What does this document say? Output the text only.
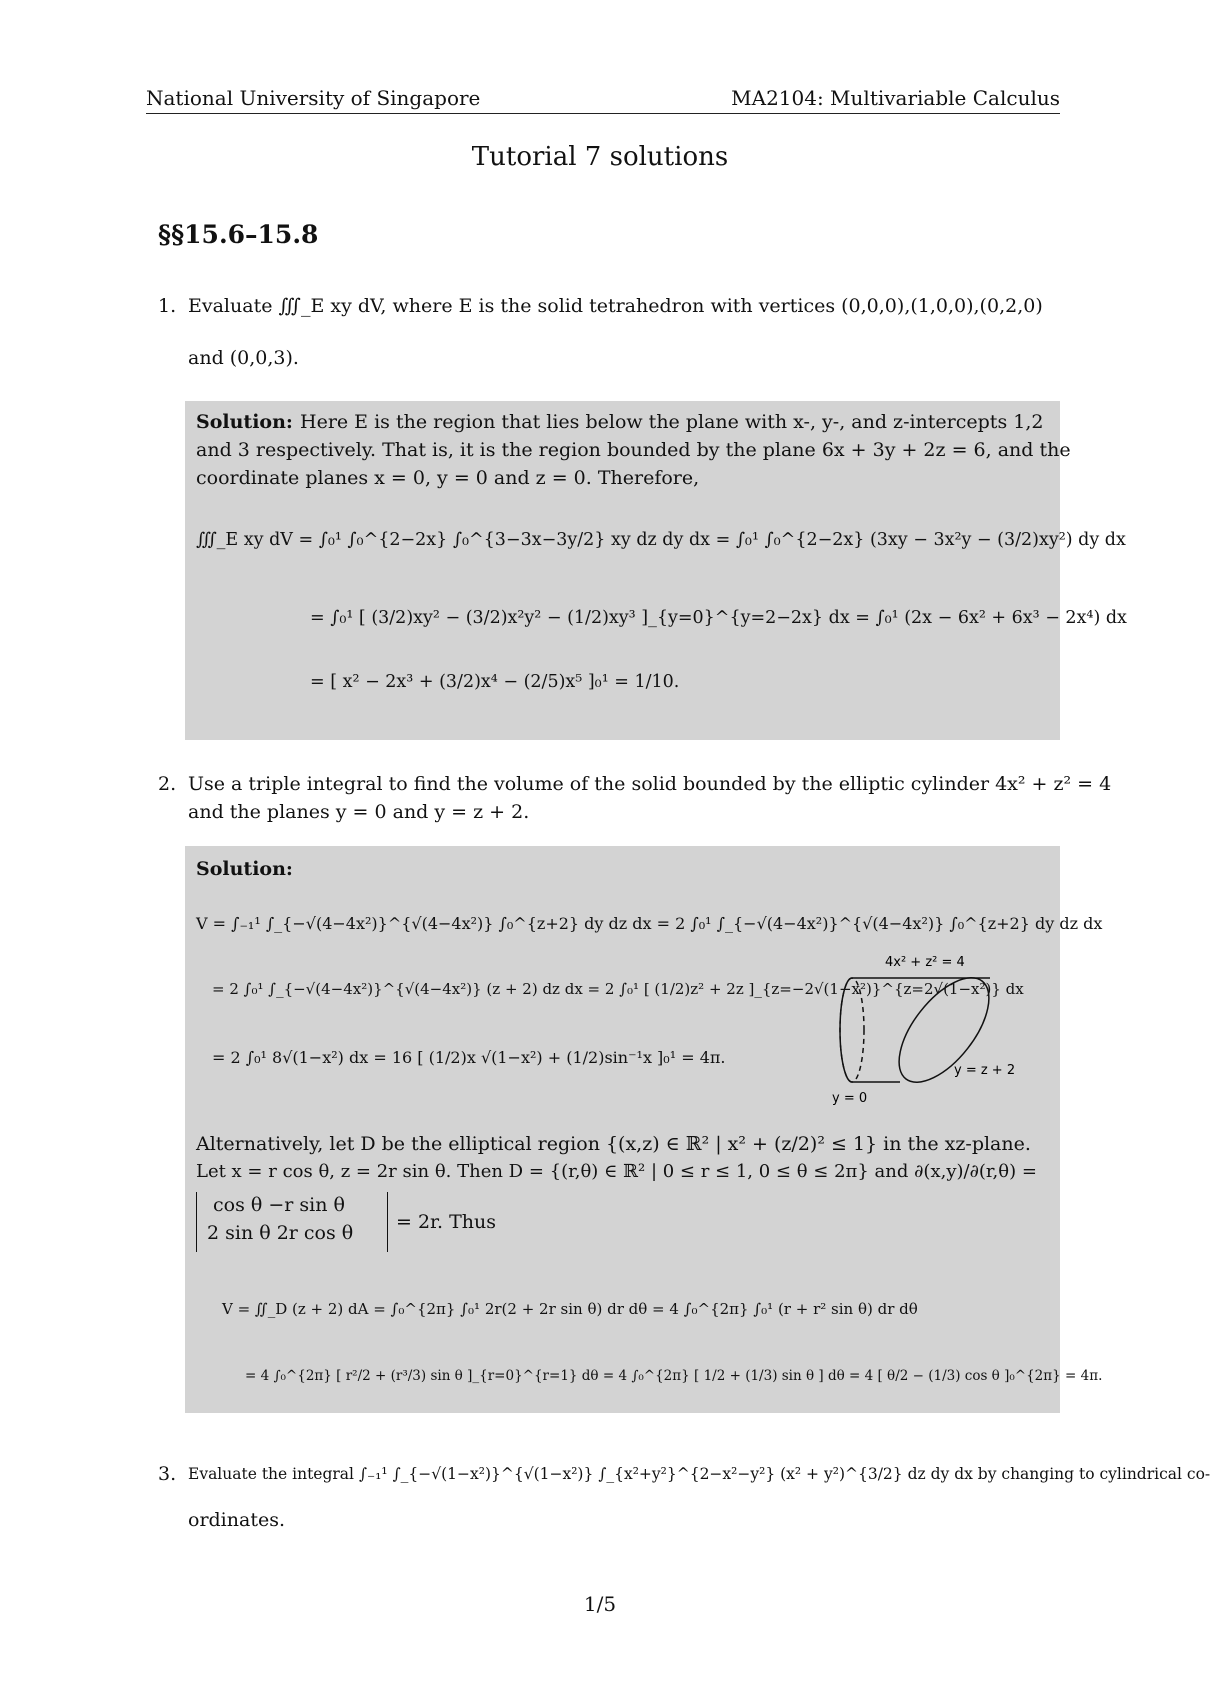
National University of Singapore	MA2104: Multivariable Calculus
Tutorial 7 solutions
§§15.6–15.8
1. Evaluate ∭_E xy dV, where E is the solid tetrahedron with vertices (0,0,0),(1,0,0),(0,2,0)
and (0,0,3).
Solution: Here E is the region that lies below the plane with x-, y-, and z-intercepts 1,2
and 3 respectively. That is, it is the region bounded by the plane 6x + 3y + 2z = 6, and the
coordinate planes x = 0, y = 0 and z = 0. Therefore,
∭_E xy dV = ∫₀¹ ∫₀^{2−2x} ∫₀^{3−3x−3y/2} xy dz dy dx = ∫₀¹ ∫₀^{2−2x} (3xy − 3x²y − (3/2)xy²) dy dx
= ∫₀¹ [ (3/2)xy² − (3/2)x²y² − (1/2)xy³ ]_{y=0}^{y=2−2x} dx = ∫₀¹ (2x − 6x² + 6x³ − 2x⁴) dx
= [ x² − 2x³ + (3/2)x⁴ − (2/5)x⁵ ]₀¹ = 1/10.
2. Use a triple integral to find the volume of the solid bounded by the elliptic cylinder 4x² + z² = 4
and the planes y = 0 and y = z + 2.
Solution:
V = ∫₋₁¹ ∫_{−√(4−4x²)}^{√(4−4x²)} ∫₀^{z+2} dy dz dx = 2 ∫₀¹ ∫_{−√(4−4x²)}^{√(4−4x²)} ∫₀^{z+2} dy dz dx
= 2 ∫₀¹ ∫_{−√(4−4x²)}^{√(4−4x²)} (z + 2) dz dx = 2 ∫₀¹ [ (1/2)z² + 2z ]_{z=−2√(1−x²)}^{z=2√(1−x²)} dx
= 2 ∫₀¹ 8√(1−x²) dx = 16 [ (1/2)x √(1−x²) + (1/2)sin⁻¹x ]₀¹ = 4π.
4x² + z² = 4
y = z + 2
y = 0
Alternatively, let D be the elliptical region {(x,z) ∈ ℝ² | x² + (z/2)² ≤ 1} in the xz-plane.
Let x = r cos θ, z = 2r sin θ. Then D = {(r,θ) ∈ ℝ² | 0 ≤ r ≤ 1, 0 ≤ θ ≤ 2π} and ∂(x,y)/∂(r,θ) =
cos θ −r sin θ
2 sin θ 2r cos θ = 2r. Thus
V = ∬_D (z + 2) dA = ∫₀^{2π} ∫₀¹ 2r(2 + 2r sin θ) dr dθ = 4 ∫₀^{2π} ∫₀¹ (r + r² sin θ) dr dθ
= 4 ∫₀^{2π} [ r²/2 + (r³/3) sin θ ]_{r=0}^{r=1} dθ = 4 ∫₀^{2π} [ 1/2 + (1/3) sin θ ] dθ = 4 [ θ/2 − (1/3) cos θ ]₀^{2π} = 4π.
3. Evaluate the integral ∫₋₁¹ ∫_{−√(1−x²)}^{√(1−x²)} ∫_{x²+y²}^{2−x²−y²} (x² + y²)^{3/2} dz dy dx by changing to cylindrical co-
ordinates.
1/5
